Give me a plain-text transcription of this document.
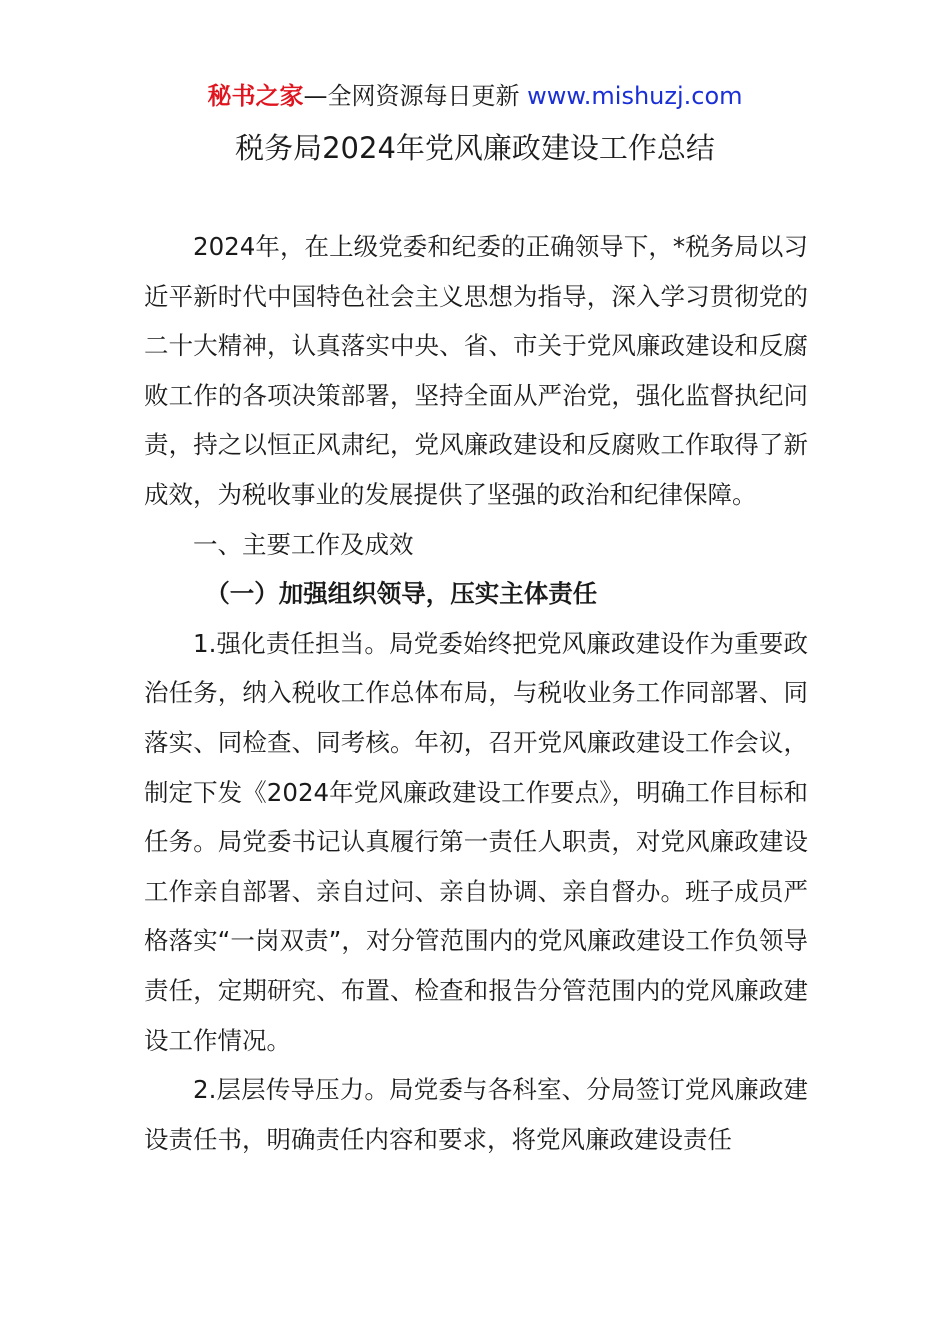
秘书之家—全网资源每日更新 www.mishuzj.com
税务局2024年党风廉政建设工作总结

2024年，在上级党委和纪委的正确领导下，*税务局以习近平新时代中国特色社会主义思想为指导，深入学习贯彻党的二十大精神，认真落实中央、省、市关于党风廉政建设和反腐败工作的各项决策部署，坚持全面从严治党，强化监督执纪问责，持之以恒正风肃纪，党风廉政建设和反腐败工作取得了新成效，为税收事业的发展提供了坚强的政治和纪律保障。

一、主要工作及成效

（一）加强组织领导，压实主体责任

1.强化责任担当。局党委始终把党风廉政建设作为重要政治任务，纳入税收工作总体布局，与税收业务工作同部署、同落实、同检查、同考核。年初，召开党风廉政建设工作会议，制定下发《2024年党风廉政建设工作要点》，明确工作目标和任务。局党委书记认真履行第一责任人职责，对党风廉政建设工作亲自部署、亲自过问、亲自协调、亲自督办。班子成员严格落实“一岗双责”，对分管范围内的党风廉政建设工作负领导责任，定期研究、布置、检查和报告分管范围内的党风廉政建设工作情况。

2.层层传导压力。局党委与各科室、分局签订党风廉政建设责任书，明确责任内容和要求，将党风廉政建设责任
